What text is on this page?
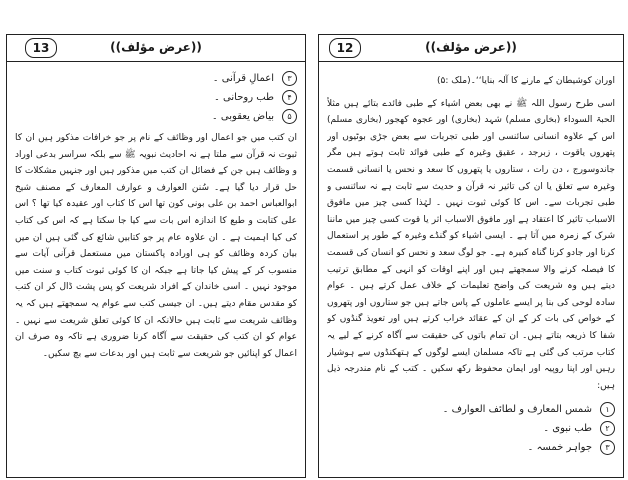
13	((عرض مؤلف))
۳اعمالِ قرآنی ۔
۴طب روحانی ۔
۵بیاض یعقوبی ۔

ان کتب میں جو اعمال اور وظائف کے نام پر جو خرافات مذکور ہیں ان کا ثبوت نہ قرآن سے ملتا ہے نہ احادیث نبویہ ﷺ سے بلکہ سراسر بدعی اوراد و وظائف ہیں جن کے فضائل ان کتب میں مذکور ہیں اور جنہیں مشکلات کا حل قرار دیا گیا ہے۔ سُنن العوارف و عوارف المعارف کے مصنف شیخ ابوالعباس احمد بن علی بونی کون تھا اس کا کتاب اور عقیدہ کیا تھا ؟ اس علی کتابت و طبع کا اندازہ اس بات سے کیا جا سکتا ہے کہ اس کی کتاب کی کیا اہمیت ہے ۔ ان علاوہ عام پر جو کتابیں شائع کی گئی ہیں ان میں بیان کردہ وظائف کو ہی اورادہ پاکستان میں مستعمل قرآنی آیات سے منسوب کر کے پیش کیا جاتا ہے جبکہ ان کا کوئی ثبوت کتاب و سنت میں موجود نہیں ۔ اسی خاندان کے افراد شریعت کو پس پشت ڈال کر ان کتب کو مقدس مقام دیتے ہیں۔ ان جیسی کتب سے عوام یہ سمجھتے ہیں کہ یہ وظائف شریعت سے ثابت ہیں حالانکہ ان کا کوئی تعلق شریعت سے نہیں ۔ عوام کو ان کتب کی حقیقت سے آگاہ کرنا ضروری ہے تاکہ وہ صرف ان اعمال کو اپنائیں جو شریعت سے ثابت ہیں اور بدعات سے بچ سکیں۔

12	((عرض مؤلف))

اوران کوشیطان کے مارنے کا آلہ بنایا‘‘۔(ملک :۵)

اسی طرح رسول اللہ ﷺ نے بھی بعض اشیاء کے طبی فائدے بتائے ہیں مثلاً الحبۃ السوداء (بخاری مسلم) شہد (بخاری) اور عجوہ کھجور (بخاری مسلم) اس کے علاوہ انسانی سائنسی اور طبی تجربات سے بعض جڑی بوٹیوں اور پتھروں یاقوت ، زبرجد ، عقیق وغیرہ کے طبی فوائد ثابت ہوتے ہیں مگر جاندوسورج ، دن رات ، ستاروں یا پتھروں کا سعد و نحس یا انسانی قسمت وغیرہ سے تعلق یا ان کی تاثیر نہ قرآن و حدیث سے ثابت ہے نہ سائنسی و طبی تجربات سے۔ اس کا کوئی ثبوت نہیں ۔ لہٰذا کسی چیز میں مافوق الاسباب تاثیر کا اعتقاد ہے اور مافوق الاسباب اثر یا قوت کسی چیز میں ماننا شرک کے زمرہ میں آتا ہے ۔ ایسی اشیاء کو گنڈے وغیرہ کے طور پر استعمال کرنا اور جادو کرنا گناہ کبیرہ ہے۔ جو لوگ سعد و نحس کو انسان کی قسمت کا فیصلہ کرنے والا سمجھتے ہیں اور اپنے اوقات کو انہی کے مطابق ترتیب دیتے ہیں وہ شریعت کی واضح تعلیمات کے خلاف عمل کرتے ہیں ۔ عوام سادہ لوحی کی بنا پر ایسے عاملوں کے پاس جاتے ہیں جو ستاروں اور پتھروں کے خواص کی بات کر کے ان کے عقائد خراب کرتے ہیں اور تعویذ گنڈوں کو شفا کا ذریعہ بتاتے ہیں۔ ان تمام باتوں کی حقیقت سے آگاہ کرنے کے لیے یہ کتاب مرتب کی گئی ہے تاکہ مسلمان ایسے لوگوں کے ہتھکنڈوں سے ہوشیار رہیں اور اپنا روپیہ اور ایمان محفوظ رکھ سکیں ۔ کتب کے نام مندرجہ ذیل ہیں:

۱شمس المعارف و لطائف العوارف ۔
۲طب نبوی ۔
۳جواہر خمسہ ۔
